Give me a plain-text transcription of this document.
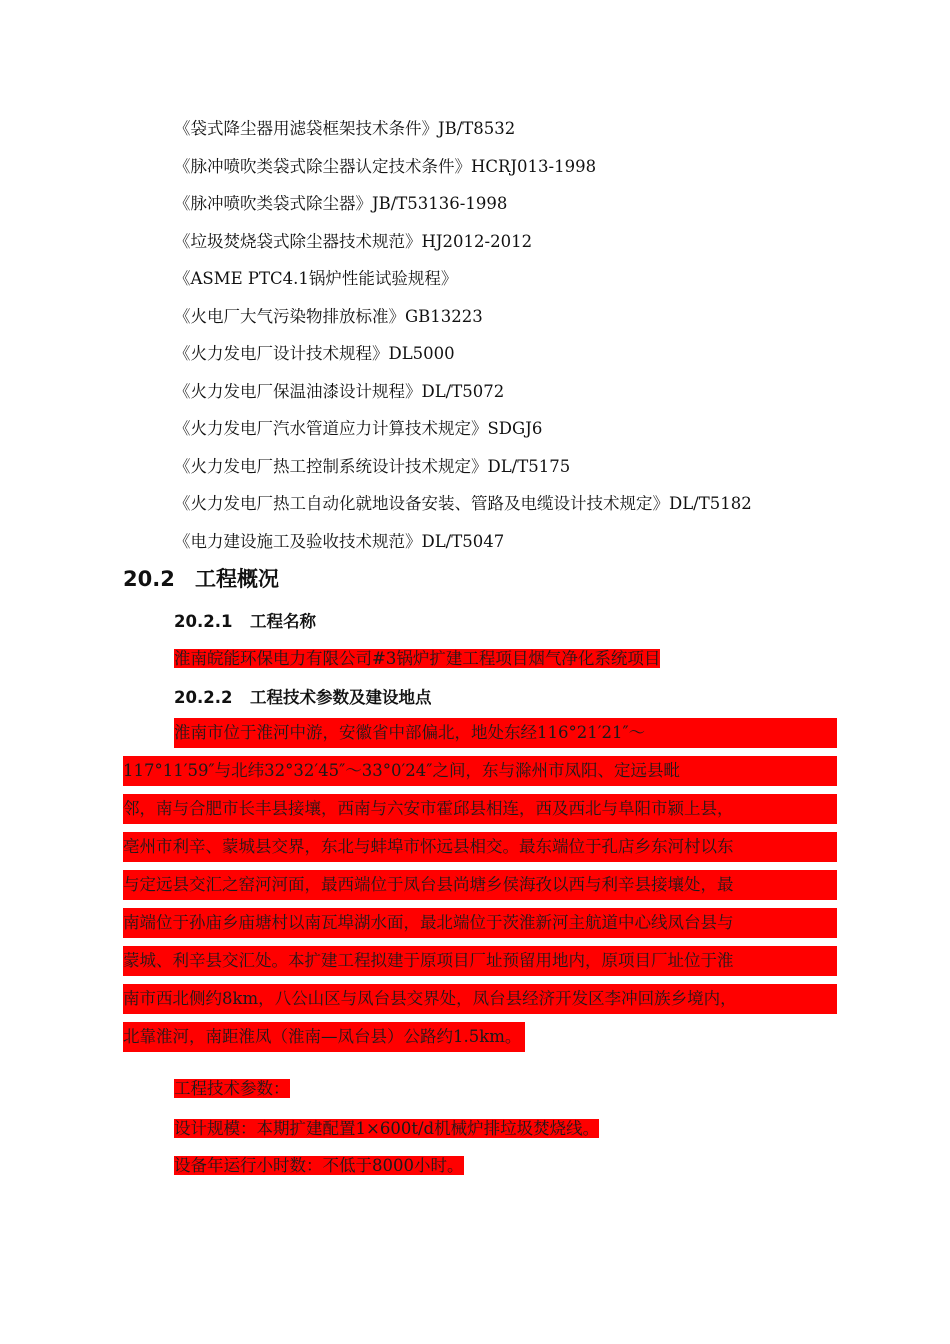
《袋式降尘器用滤袋框架技术条件》JB/T8532
《脉冲喷吹类袋式除尘器认定技术条件》HCRJ013-1998
《脉冲喷吹类袋式除尘器》JB/T53136-1998
《垃圾焚烧袋式除尘器技术规范》HJ2012-2012
《ASME PTC4.1锅炉性能试验规程》
《火电厂大气污染物排放标准》GB13223
《火力发电厂设计技术规程》DL5000
《火力发电厂保温油漆设计规程》DL/T5072
《火力发电厂汽水管道应力计算技术规定》SDGJ6
《火力发电厂热工控制系统设计技术规定》DL/T5175
《火力发电厂热工自动化就地设备安装、管路及电缆设计技术规定》DL/T5182
《电力建设施工及验收技术规范》DL/T5047
20.2 工程概况
20.2.1 工程名称
淮南皖能环保电力有限公司#3锅炉扩建工程项目烟气净化系统项目
20.2.2 工程技术参数及建设地点
淮南市位于淮河中游，安徽省中部偏北，地处东经116°21′21″～
117°11′59″与北纬32°32′45″～33°0′24″之间，东与滁州市凤阳、定远县毗
邻，南与合肥市长丰县接壤，西南与六安市霍邱县相连，西及西北与阜阳市颍上县，
亳州市利辛、蒙城县交界，东北与蚌埠市怀远县相交。最东端位于孔店乡东河村以东
与定远县交汇之窑河河面，最西端位于凤台县尚塘乡侯海孜以西与利辛县接壤处，最
南端位于孙庙乡庙塘村以南瓦埠湖水面，最北端位于茨淮新河主航道中心线凤台县与
蒙城、利辛县交汇处。本扩建工程拟建于原项目厂址预留用地内，原项目厂址位于淮
南市西北侧约8km，八公山区与凤台县交界处，凤台县经济开发区李冲回族乡境内，
北靠淮河，南距淮凤（淮南—凤台县）公路约1.5km。
工程技术参数：
设计规模：本期扩建配置1×600t/d机械炉排垃圾焚烧线。
设备年运行小时数：不低于8000小时。
